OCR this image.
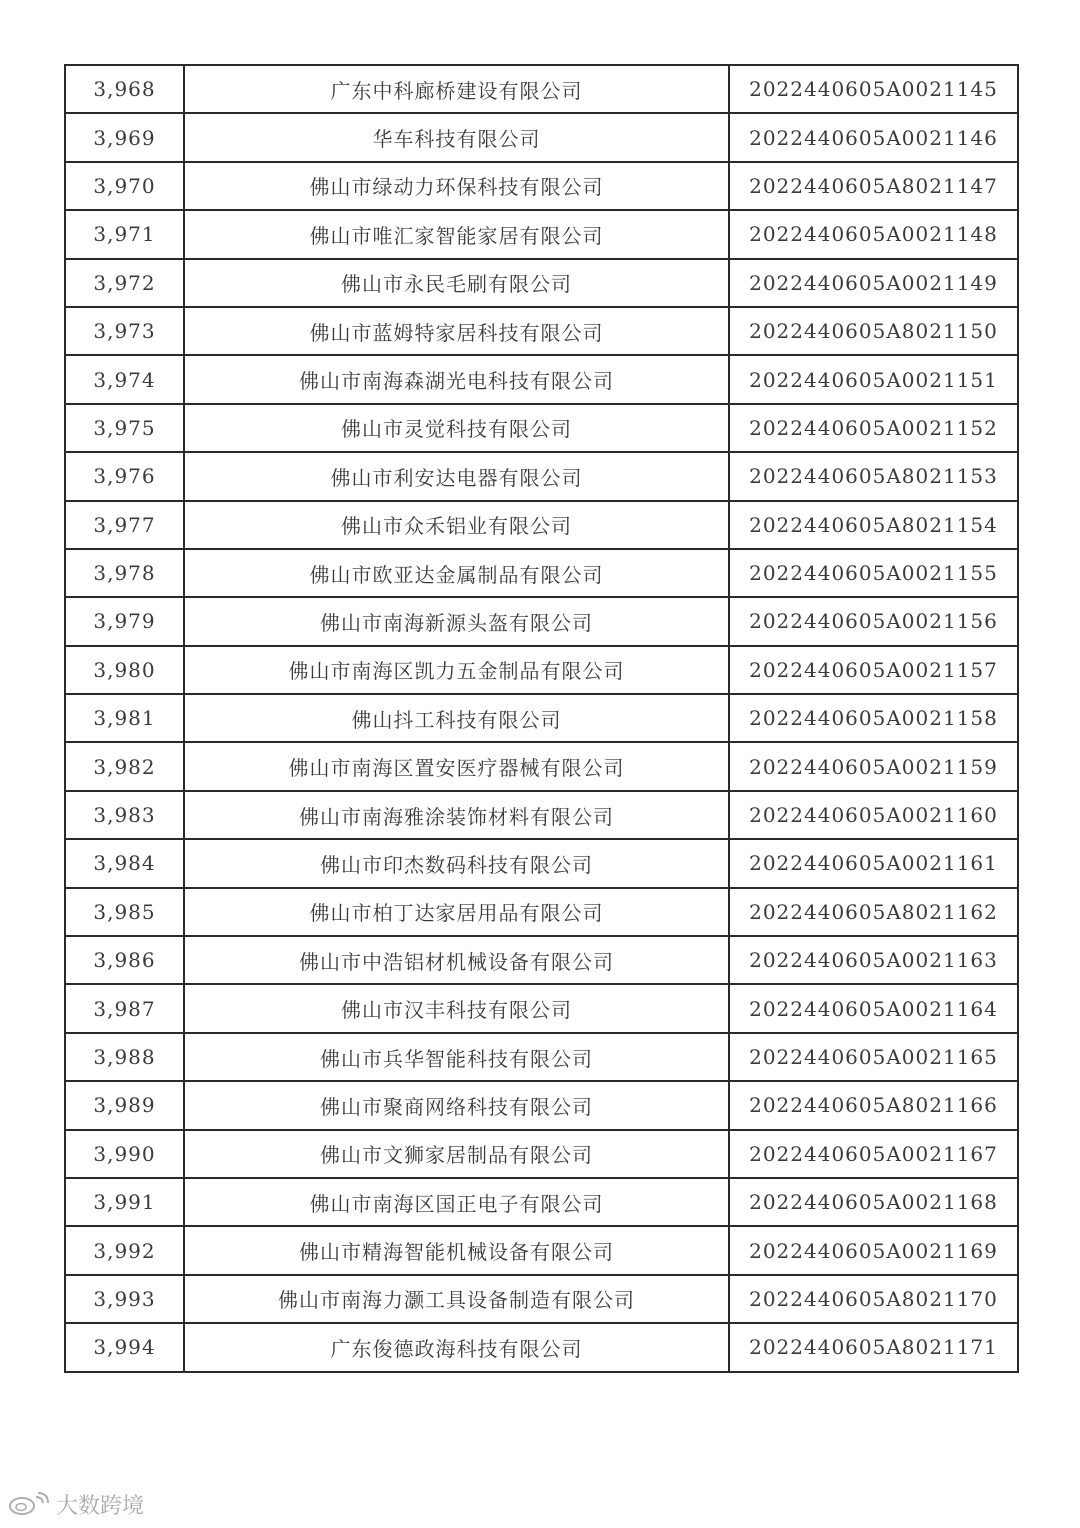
3,968	广东中科廊桥建设有限公司	2022440605A0021145
3,969	华车科技有限公司	2022440605A0021146
3,970	佛山市绿动力环保科技有限公司	2022440605A8021147
3,971	佛山市唯汇家智能家居有限公司	2022440605A0021148
3,972	佛山市永民毛刷有限公司	2022440605A0021149
3,973	佛山市蓝姆特家居科技有限公司	2022440605A8021150
3,974	佛山市南海森湖光电科技有限公司	2022440605A0021151
3,975	佛山市灵觉科技有限公司	2022440605A0021152
3,976	佛山市利安达电器有限公司	2022440605A8021153
3,977	佛山市众禾铝业有限公司	2022440605A8021154
3,978	佛山市欧亚达金属制品有限公司	2022440605A0021155
3,979	佛山市南海新源头盔有限公司	2022440605A0021156
3,980	佛山市南海区凯力五金制品有限公司	2022440605A0021157
3,981	佛山抖工科技有限公司	2022440605A0021158
3,982	佛山市南海区置安医疗器械有限公司	2022440605A0021159
3,983	佛山市南海雅涂装饰材料有限公司	2022440605A0021160
3,984	佛山市印杰数码科技有限公司	2022440605A0021161
3,985	佛山市柏丁达家居用品有限公司	2022440605A8021162
3,986	佛山市中浩铝材机械设备有限公司	2022440605A0021163
3,987	佛山市汉丰科技有限公司	2022440605A0021164
3,988	佛山市兵华智能科技有限公司	2022440605A0021165
3,989	佛山市聚商网络科技有限公司	2022440605A8021166
3,990	佛山市文狮家居制品有限公司	2022440605A0021167
3,991	佛山市南海区国正电子有限公司	2022440605A0021168
3,992	佛山市精海智能机械设备有限公司	2022440605A0021169
3,993	佛山市南海力灏工具设备制造有限公司	2022440605A8021170
3,994	广东俊德政海科技有限公司	2022440605A8021171
大数跨境
